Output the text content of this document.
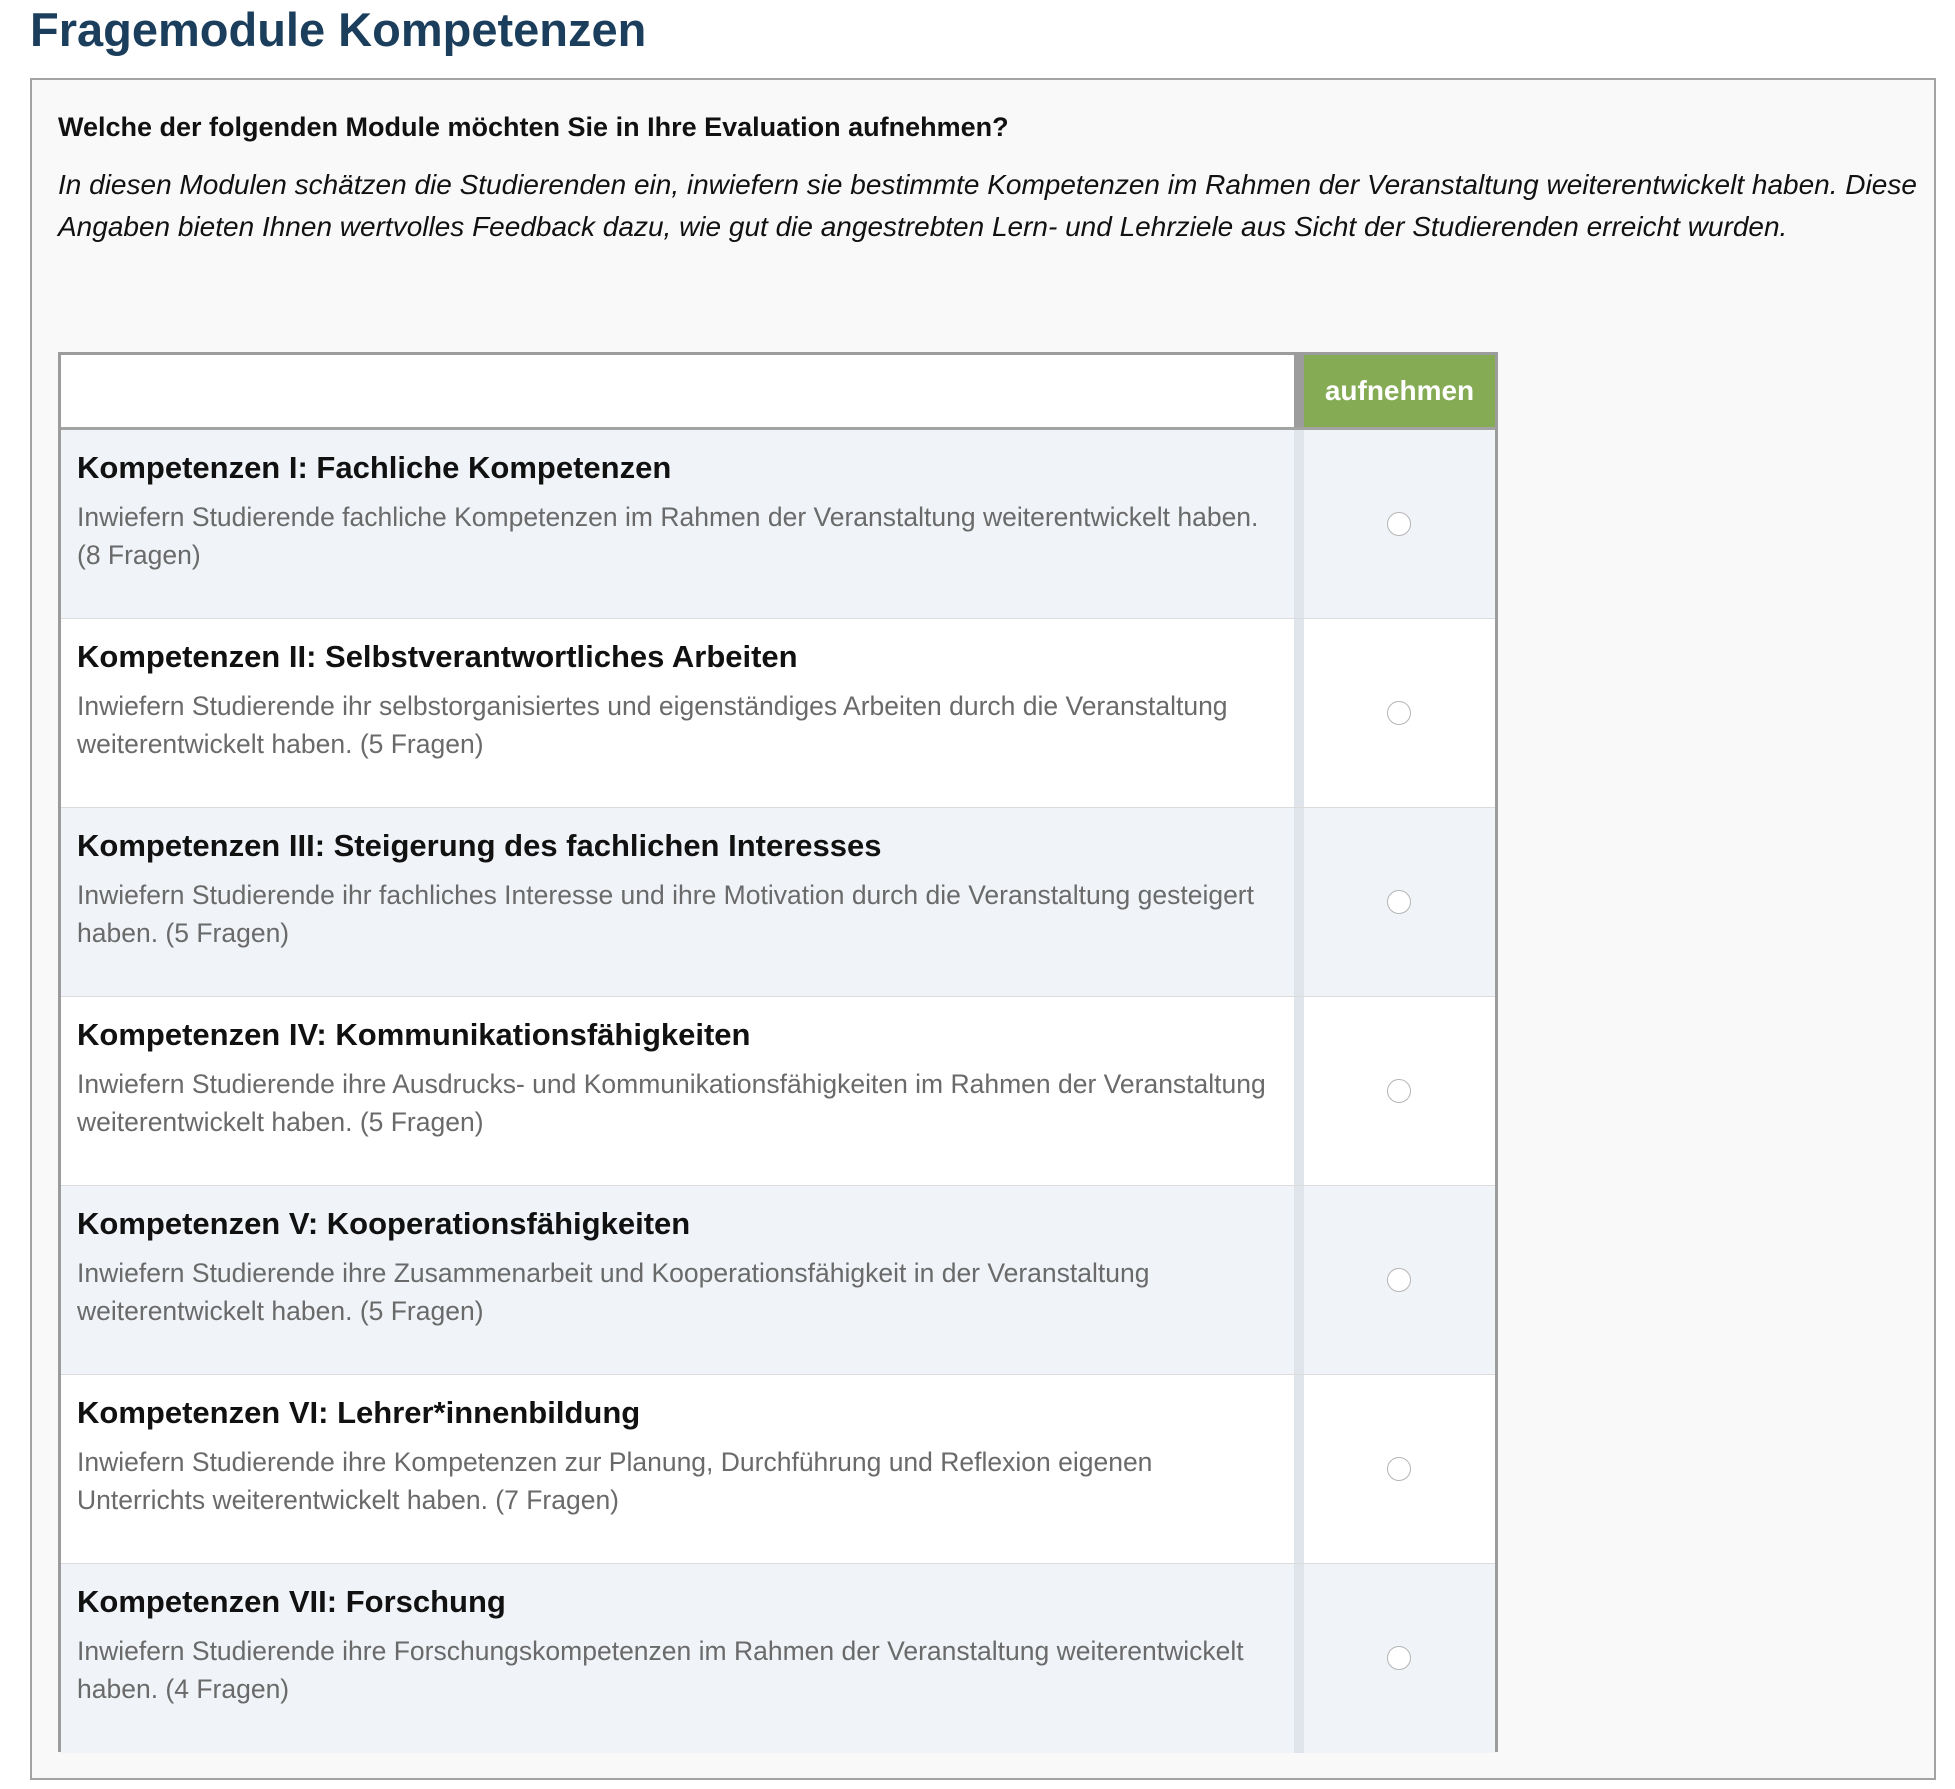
Fragemodule Kompetenzen

Welche der folgenden Module möchten Sie in Ihre Evaluation aufnehmen?

In diesen Modulen schätzen die Studierenden ein, inwiefern sie bestimmte Kompetenzen im Rahmen der Veranstaltung weiterentwickelt haben. Diese Angaben bieten Ihnen wertvolles Feedback dazu, wie gut die angestrebten Lern- und Lehrziele aus Sicht der Studierenden erreicht wurden.

aufnehmen
Kompetenzen I: Fachliche Kompetenzen
Inwiefern Studierende fachliche Kompetenzen im Rahmen der Veranstaltung weiterentwickelt haben. (8 Fragen)
Kompetenzen II: Selbstverantwortliches Arbeiten
Inwiefern Studierende ihr selbstorganisiertes und eigenständiges Arbeiten durch die Veranstaltung weiterentwickelt haben. (5 Fragen)
Kompetenzen III: Steigerung des fachlichen Interesses
Inwiefern Studierende ihr fachliches Interesse und ihre Motivation durch die Veranstaltung gesteigert haben. (5 Fragen)
Kompetenzen IV: Kommunikationsfähigkeiten
Inwiefern Studierende ihre Ausdrucks- und Kommunikationsfähigkeiten im Rahmen der Veranstaltung weiterentwickelt haben. (5 Fragen)
Kompetenzen V: Kooperationsfähigkeiten
Inwiefern Studierende ihre Zusammenarbeit und Kooperationsfähigkeit in der Veranstaltung weiterentwickelt haben. (5 Fragen)
Kompetenzen VI: Lehrer*innenbildung
Inwiefern Studierende ihre Kompetenzen zur Planung, Durchführung und Reflexion eigenen Unterrichts weiterentwickelt haben. (7 Fragen)
Kompetenzen VII: Forschung
Inwiefern Studierende ihre Forschungskompetenzen im Rahmen der Veranstaltung weiterentwickelt haben. (4 Fragen)
